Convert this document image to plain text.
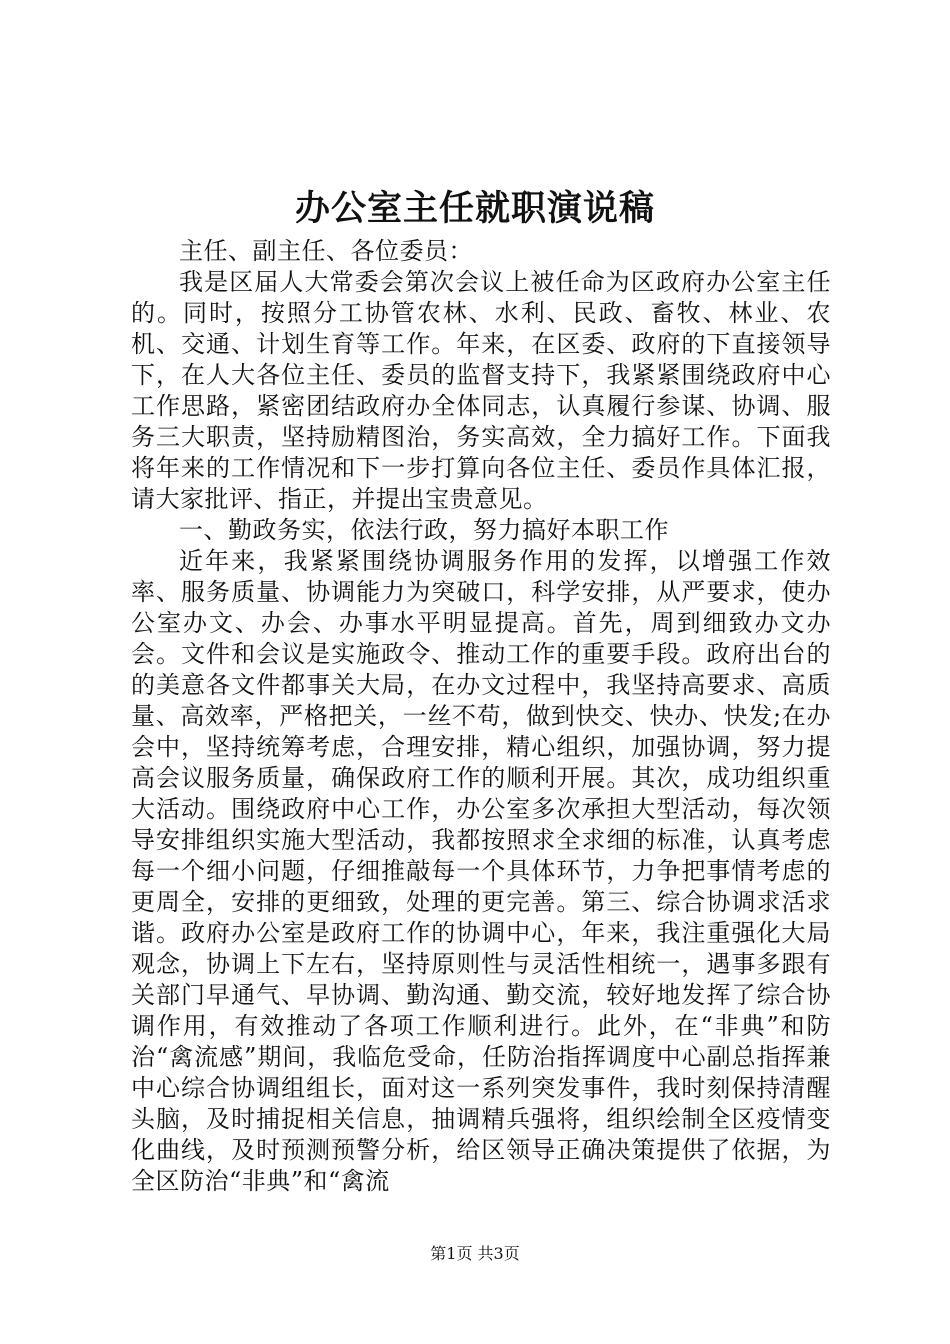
办公室主任就职演说稿

主任、副主任、各位委员：

我是区届人大常委会第次会议上被任命为区政府办公室主任的。同时，按照分工协管农林、水利、民政、畜牧、林业、农机、交通、计划生育等工作。年来，在区委、政府的下直接领导下，在人大各位主任、委员的监督支持下，我紧紧围绕政府中心工作思路，紧密团结政府办全体同志，认真履行参谋、协调、服务三大职责，坚持励精图治，务实高效，全力搞好工作。下面我将年来的工作情况和下一步打算向各位主任、委员作具体汇报，请大家批评、指正，并提出宝贵意见。

一、勤政务实，依法行政，努力搞好本职工作

近年来，我紧紧围绕协调服务作用的发挥，以增强工作效率、服务质量、协调能力为突破口，科学安排，从严要求，使办公室办文、办会、办事水平明显提高。首先，周到细致办文办会。文件和会议是实施政令、推动工作的重要手段。政府出台的的美意各文件都事关大局，在办文过程中，我坚持高要求、高质量、高效率，严格把关，一丝不苟，做到快交、快办、快发;在办会中，坚持统筹考虑，合理安排，精心组织，加强协调，努力提高会议服务质量，确保政府工作的顺利开展。其次，成功组织重大活动。围绕政府中心工作，办公室多次承担大型活动，每次领导安排组织实施大型活动，我都按照求全求细的标准，认真考虑每一个细小问题，仔细推敲每一个具体环节，力争把事情考虑的更周全，安排的更细致，处理的更完善。第三、综合协调求活求谐。政府办公室是政府工作的协调中心，年来，我注重强化大局观念，协调上下左右，坚持原则性与灵活性相统一，遇事多跟有关部门早通气、早协调、勤沟通、勤交流，较好地发挥了综合协调作用，有效推动了各项工作顺利进行。此外，在“非典”和防治“禽流感”期间，我临危受命，任防治指挥调度中心副总指挥兼中心综合协调组组长，面对这一系列突发事件，我时刻保持清醒头脑，及时捕捉相关信息，抽调精兵强将，组织绘制全区疫情变化曲线，及时预测预警分析，给区领导正确决策提供了依据，为全区防治“非典”和“禽流

第1页 共3页
